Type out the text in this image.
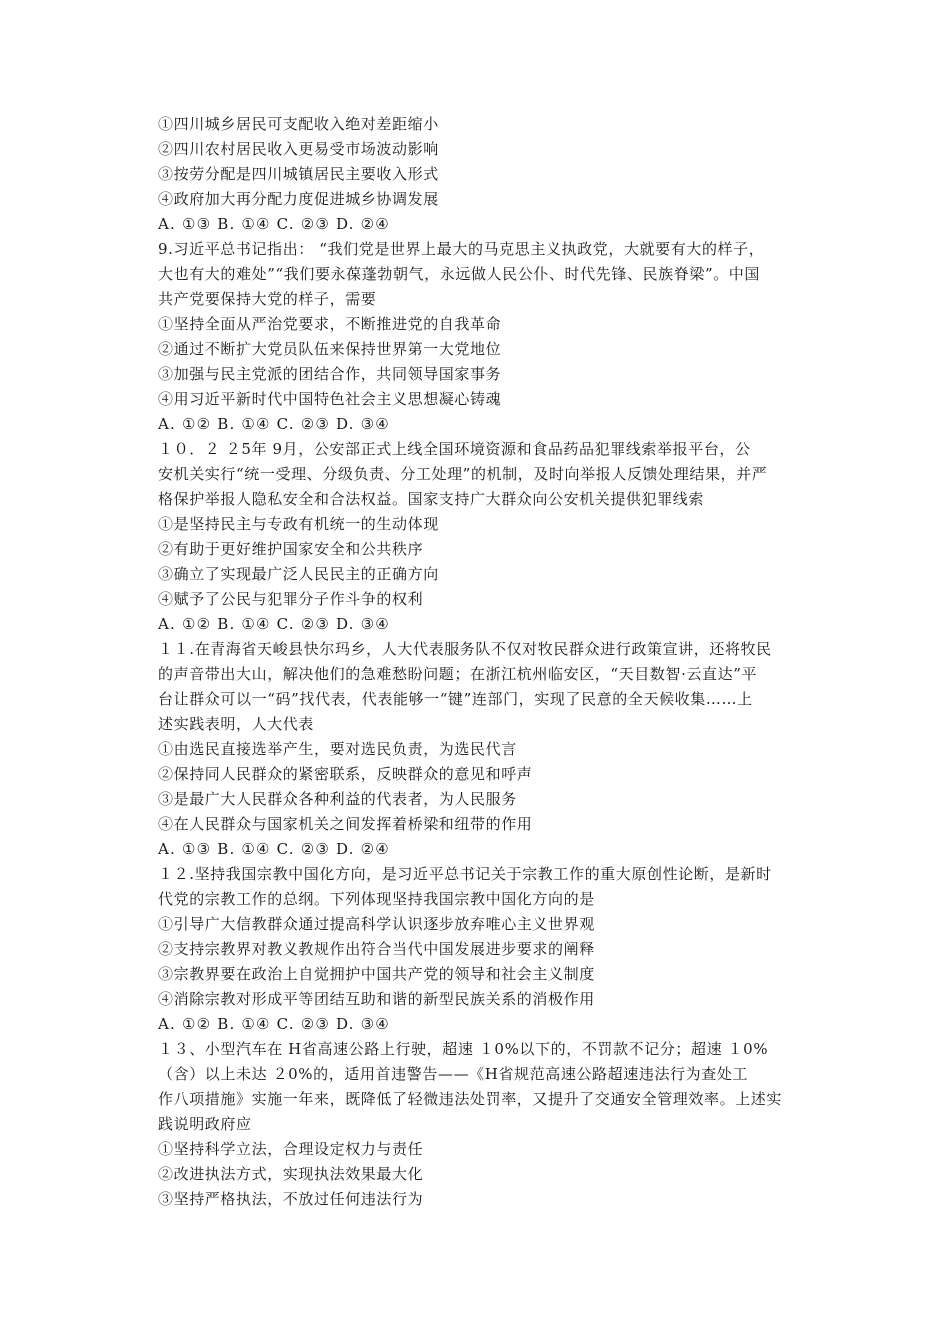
①四川城乡居民可支配收入绝对差距缩小
②四川农村居民收入更易受市场波动影响
③按劳分配是四川城镇居民主要收入形式
④政府加大再分配力度促进城乡协调发展
A. ①③ B. ①④ C. ②③ D. ②④
9.习近平总书记指出： “我们党是世界上最大的马克思主义执政党，大就要有大的样子，
大也有大的难处”“我们要永葆蓬勃朝气，永远做人民公仆、时代先锋、民族脊梁”。中国
共产党要保持大党的样子，需要
①坚持全面从严治党要求，不断推进党的自我革命
②通过不断扩大党员队伍来保持世界第一大党地位
③加强与民主党派的团结合作，共同领导国家事务
④用习近平新时代中国特色社会主义思想凝心铸魂
A. ①② B. ①④ C. ②③ D. ③④
１０．２ ２5年 9月，公安部正式上线全国环境资源和食品药品犯罪线索举报平台，公
安机关实行“统一受理、分级负责、分工处理”的机制，及时向举报人反馈处理结果，并严
格保护举报人隐私安全和合法权益。国家支持广大群众向公安机关提供犯罪线索
①是坚持民主与专政有机统一的生动体现
②有助于更好维护国家安全和公共秩序
③确立了实现最广泛人民民主的正确方向
④赋予了公民与犯罪分子作斗争的权利
A. ①② B. ①④ C. ②③ D. ③④
１１.在青海省天峻县快尔玛乡，人大代表服务队不仅对牧民群众进行政策宣讲，还将牧民
的声音带出大山，解决他们的急难愁盼问题；在浙江杭州临安区，“天目数智·云直达”平
台让群众可以一“码”找代表，代表能够一“键”连部门，实现了民意的全天候收集……上
述实践表明，人大代表
①由选民直接选举产生，要对选民负责，为选民代言
②保持同人民群众的紧密联系，反映群众的意见和呼声
③是最广大人民群众各种利益的代表者，为人民服务
④在人民群众与国家机关之间发挥着桥梁和纽带的作用
A. ①③ B. ①④ C. ②③ D. ②④
１２.坚持我国宗教中国化方向，是习近平总书记关于宗教工作的重大原创性论断，是新时
代党的宗教工作的总纲。下列体现坚持我国宗教中国化方向的是
①引导广大信教群众通过提高科学认识逐步放弃唯心主义世界观
②支持宗教界对教义教规作出符合当代中国发展进步要求的阐释
③宗教界要在政治上自觉拥护中国共产党的领导和社会主义制度
④消除宗教对形成平等团结互助和谐的新型民族关系的消极作用
A. ①② B. ①④ C. ②③ D. ③④
１３、小型汽车在 H省高速公路上行驶，超速 １0%以下的，不罚款不记分；超速 １0%
（含）以上未达 ２0%的，适用首违警告——《H省规范高速公路超速违法行为查处工
作八项措施》实施一年来，既降低了轻微违法处罚率，又提升了交通安全管理效率。上述实
践说明政府应
①坚持科学立法，合理设定权力与责任
②改进执法方式，实现执法效果最大化
③坚持严格执法，不放过任何违法行为
